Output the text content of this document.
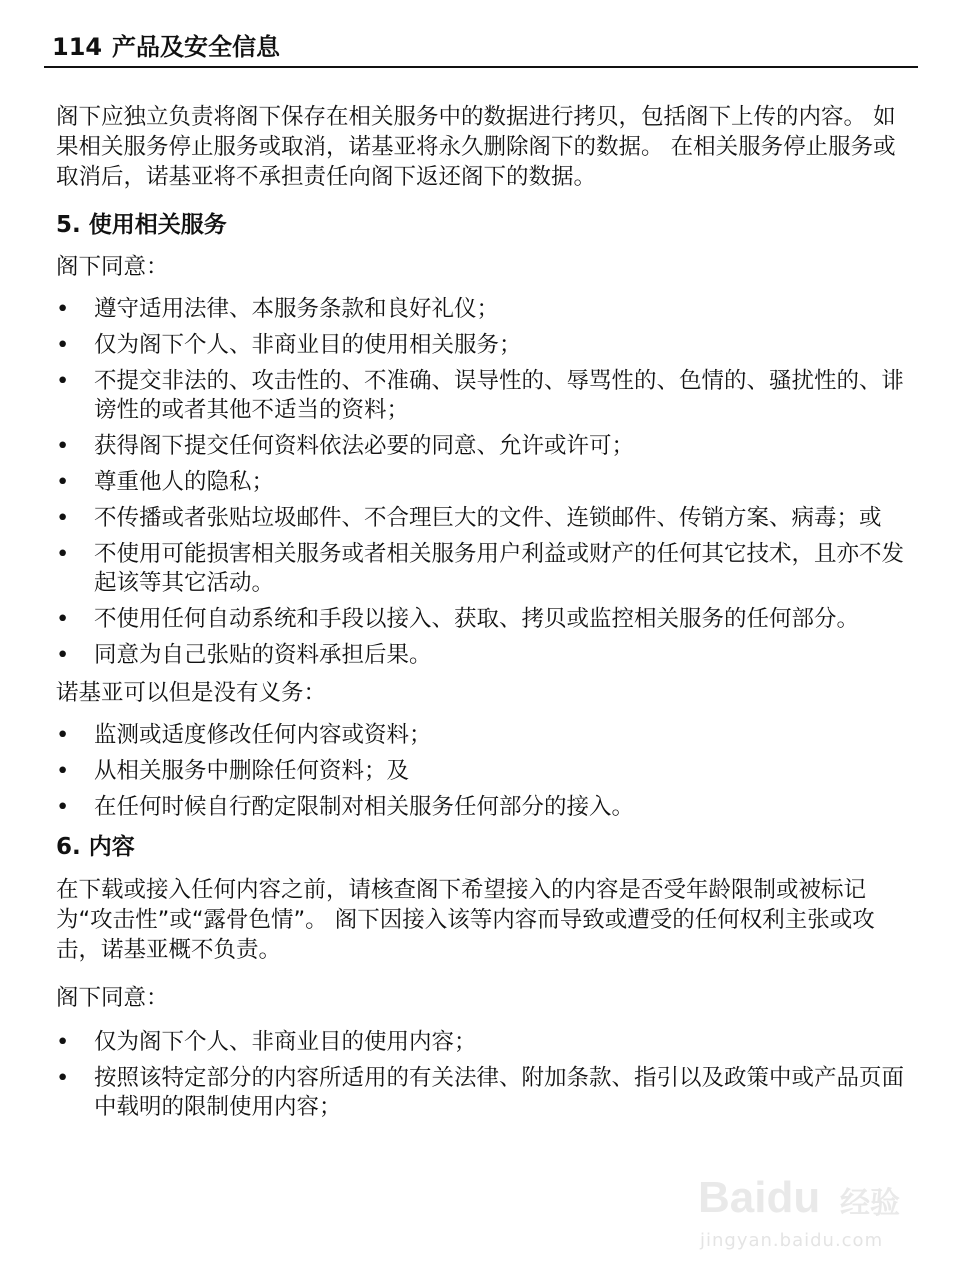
114 产品及安全信息

阁下应独立负责将阁下保存在相关服务中的数据进行拷贝，包括阁下上传的内容。 如果相关服务停止服务或取消，诺基亚将永久删除阁下的数据。 在相关服务停止服务或取消后，诺基亚将不承担责任向阁下返还阁下的数据。

5. 使用相关服务

阁下同意：

• 遵守适用法律、本服务条款和良好礼仪；
• 仅为阁下个人、非商业目的使用相关服务；
• 不提交非法的、攻击性的、不准确、误导性的、辱骂性的、色情的、骚扰性的、诽谤性的或者其他不适当的资料；
• 获得阁下提交任何资料依法必要的同意、允许或许可；
• 尊重他人的隐私；
• 不传播或者张贴垃圾邮件、不合理巨大的文件、连锁邮件、传销方案、病毒；或
• 不使用可能损害相关服务或者相关服务用户利益或财产的任何其它技术，且亦不发起该等其它活动。
• 不使用任何自动系统和手段以接入、获取、拷贝或监控相关服务的任何部分。
• 同意为自己张贴的资料承担后果。

诺基亚可以但是没有义务：

• 监测或适度修改任何内容或资料；
• 从相关服务中删除任何资料；及
• 在任何时候自行酌定限制对相关服务任何部分的接入。
6. 内容

在下载或接入任何内容之前，请核查阁下希望接入的内容是否受年龄限制或被标记为“攻击性”或“露骨色情”。 阁下因接入该等内容而导致或遭受的任何权利主张或攻击，诺基亚概不负责。

阁下同意：

• 仅为阁下个人、非商业目的使用内容；
• 按照该特定部分的内容所适用的有关法律、附加条款、指引以及政策中或产品页面中载明的限制使用内容；
Baidu 经验
jingyan.baidu.com
